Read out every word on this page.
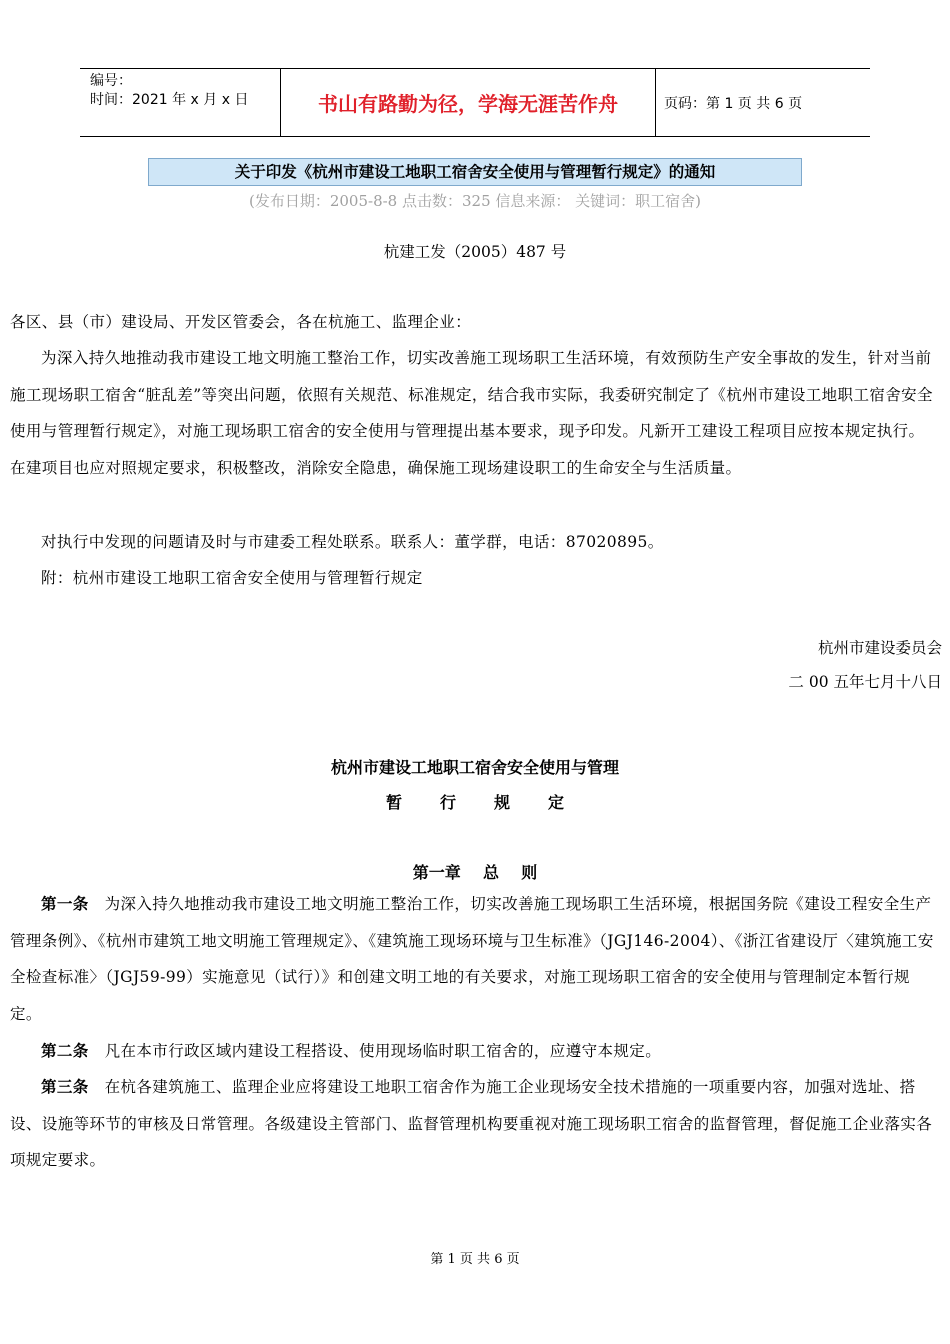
编号：
时间：2021 年 x 月 x 日	书山有路勤为径，学海无涯苦作舟	页码：第 1 页 共 6 页
关于印发《杭州市建设工地职工宿舍安全使用与管理暂行规定》的通知
(发布日期：2005-8-8 点击数：325 信息来源： 关键词：职工宿舍)
杭建工发（2005）487 号
各区、县（市）建设局、开发区管委会，各在杭施工、监理企业：
为深入持久地推动我市建设工地文明施工整治工作，切实改善施工现场职工生活环境，有效预防生产安全事故的发生，针对当前施工现场职工宿舍“脏乱差”等突出问题，依照有关规范、标准规定，结合我市实际，我委研究制定了《杭州市建设工地职工宿舍安全使用与管理暂行规定》，对施工现场职工宿舍的安全使用与管理提出基本要求，现予印发。凡新开工建设工程项目应按本规定执行。在建项目也应对照规定要求，积极整改，消除安全隐患，确保施工现场建设职工的生命安全与生活质量。
对执行中发现的问题请及时与市建委工程处联系。联系人：董学群，电话：87020895。
附：杭州市建设工地职工宿舍安全使用与管理暂行规定
杭州市建设委员会
二 00 五年七月十八日
杭州市建设工地职工宿舍安全使用与管理
暂行规定
第一章    总    则
第一条　 为深入持久地推动我市建设工地文明施工整治工作，切实改善施工现场职工生活环境，根据国务院《建设工程安全生产管理条例》、《杭州市建筑工地文明施工管理规定》、《建筑施工现场环境与卫生标准》（JGJ146-2004）、《浙江省建设厅〈建筑施工安全检查标准〉（JGJ59-99）实施意见（试行）》和创建文明工地的有关要求，对施工现场职工宿舍的安全使用与管理制定本暂行规定。
第二条　 凡在本市行政区域内建设工程搭设、使用现场临时职工宿舍的，应遵守本规定。
第三条　 在杭各建筑施工、监理企业应将建设工地职工宿舍作为施工企业现场安全技术措施的一项重要内容，加强对选址、搭设、设施等环节的审核及日常管理。各级建设主管部门、监督管理机构要重视对施工现场职工宿舍的监督管理，督促施工企业落实各项规定要求。
第 1 页 共 6 页
